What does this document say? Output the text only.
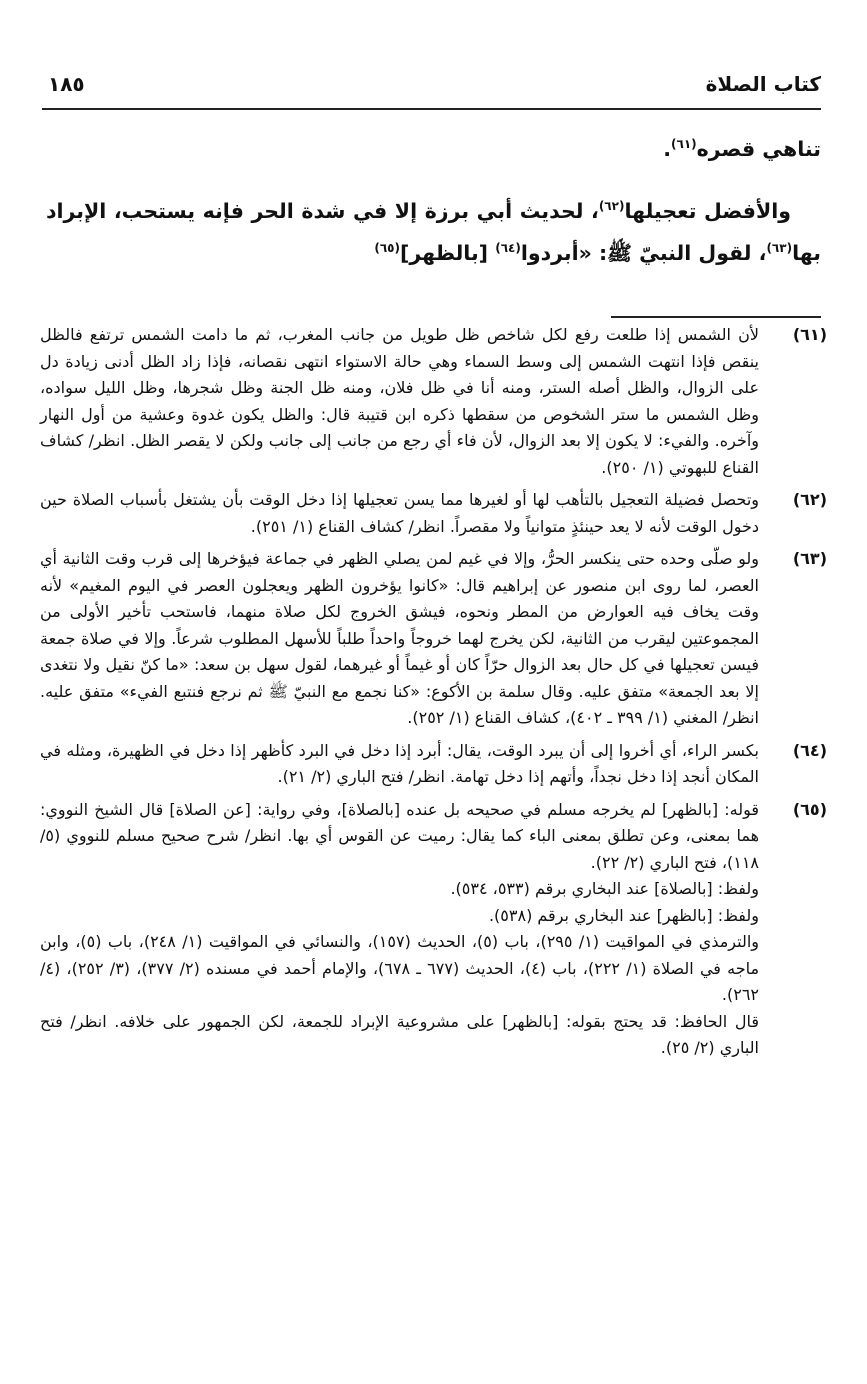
كتاب الصلاة
١٨٥

تناهي قصره$^{(٦١)}$.

والأفضل تعجيلها$^{(٦٢)}$، لحديث أبي برزة إلا في شدة الحر فإنه يستحب، الإبراد بها$^{(٦٣)}$، لقول النبيّ ﷺ: «أبردوا$^{(٦٤)}$ [بالظهر]$^{(٦٥)}$

(٦١)
لأن الشمس إذا طلعت رفع لكل شاخص ظل طويل من جانب المغرب، ثم ما دامت الشمس ترتفع فالظل ينقص فإذا انتهت الشمس إلى وسط السماء وهي حالة الاستواء انتهى نقصانه، فإذا زاد الظل أدنى زيادة دل على الزوال، والظل أصله الستر، ومنه أنا في ظل فلان، ومنه ظل الجنة وظل شجرها، وظل الليل سواده، وظل الشمس ما ستر الشخوص من سقطها ذكره ابن قتيبة قال: والظل يكون غدوة وعشية من أول النهار وآخره. والفيء: لا يكون إلا بعد الزوال، لأن فاء أي رجع من جانب إلى جانب ولكن لا يقصر الظل. انظر/ كشاف القناع للبهوتي (١/ ٢٥٠).
(٦٢)
وتحصل فضيلة التعجيل بالتأهب لها أو لغيرها مما يسن تعجيلها إذا دخل الوقت بأن يشتغل بأسباب الصلاة حين دخول الوقت لأنه لا يعد حينئذٍ متوانياً ولا مقصراً. انظر/ كشاف القناع (١/ ٢٥١).
(٦٣)
ولو صلّى وحده حتى ينكسر الحرُّ، وإلا في غيم لمن يصلي الظهر في جماعة فيؤخرها إلى قرب وقت الثانية أي العصر، لما روى ابن منصور عن إبراهيم قال: «كانوا يؤخرون الظهر ويعجلون العصر في اليوم المغيم» لأنه وقت يخاف فيه العوارض من المطر ونحوه، فيشق الخروج لكل صلاة منهما، فاستحب تأخير الأولى من المجموعتين ليقرب من الثانية، لكن يخرج لهما خروجاً واحداً طلباً للأسهل المطلوب شرعاً. وإلا في صلاة جمعة فيسن تعجيلها في كل حال بعد الزوال حرّاً كان أو غيماً أو غيرهما، لقول سهل بن سعد: «ما كنّ نقيل ولا نتغدى إلا بعد الجمعة» متفق عليه. وقال سلمة بن الأكوع: «كنا نجمع مع النبيّ ﷺ ثم نرجع فنتبع الفيء» متفق عليه. انظر/ المغني (١/ ٣٩٩ ـ ٤٠٢)، كشاف القناع (١/ ٢٥٢).
(٦٤)
بكسر الراء، أي أخروا إلى أن يبرد الوقت، يقال: أبرد إذا دخل في البرد كأظهر إذا دخل في الظهيرة، ومثله في المكان أنجد إذا دخل نجداً، وأتهم إذا دخل تهامة. انظر/ فتح الباري (٢/ ٢١).
(٦٥)
قوله: [بالظهر] لم يخرجه مسلم في صحيحه بل عنده [بالصلاة]، وفي رواية: [عن الصلاة] قال الشيخ النووي: هما بمعنى، وعن تطلق بمعنى الباء كما يقال: رميت عن القوس أي بها. انظر/ شرح صحيح مسلم للنووي (٥/ ١١٨)، فتح الباري (٢/ ٢٢).
ولفظ: [بالصلاة] عند البخاري برقم (٥٣٣، ٥٣٤).
ولفظ: [بالظهر] عند البخاري برقم (٥٣٨).
والترمذي في المواقيت (١/ ٢٩٥)، باب (٥)، الحديث (١٥٧)، والنسائي في المواقيت (١/ ٢٤٨)، باب (٥)، وابن ماجه في الصلاة (١/ ٢٢٢)، باب (٤)، الحديث (٦٧٧ ـ ٦٧٨)، والإمام أحمد في مسنده (٢/ ٣٧٧)، (٣/ ٢٥٢)، (٤/ ٢٦٢).
قال الحافظ: قد يحتج بقوله: [بالظهر] على مشروعية الإبراد للجمعة، لكن الجمهور على خلافه. انظر/ فتح الباري (٢/ ٢٥).
